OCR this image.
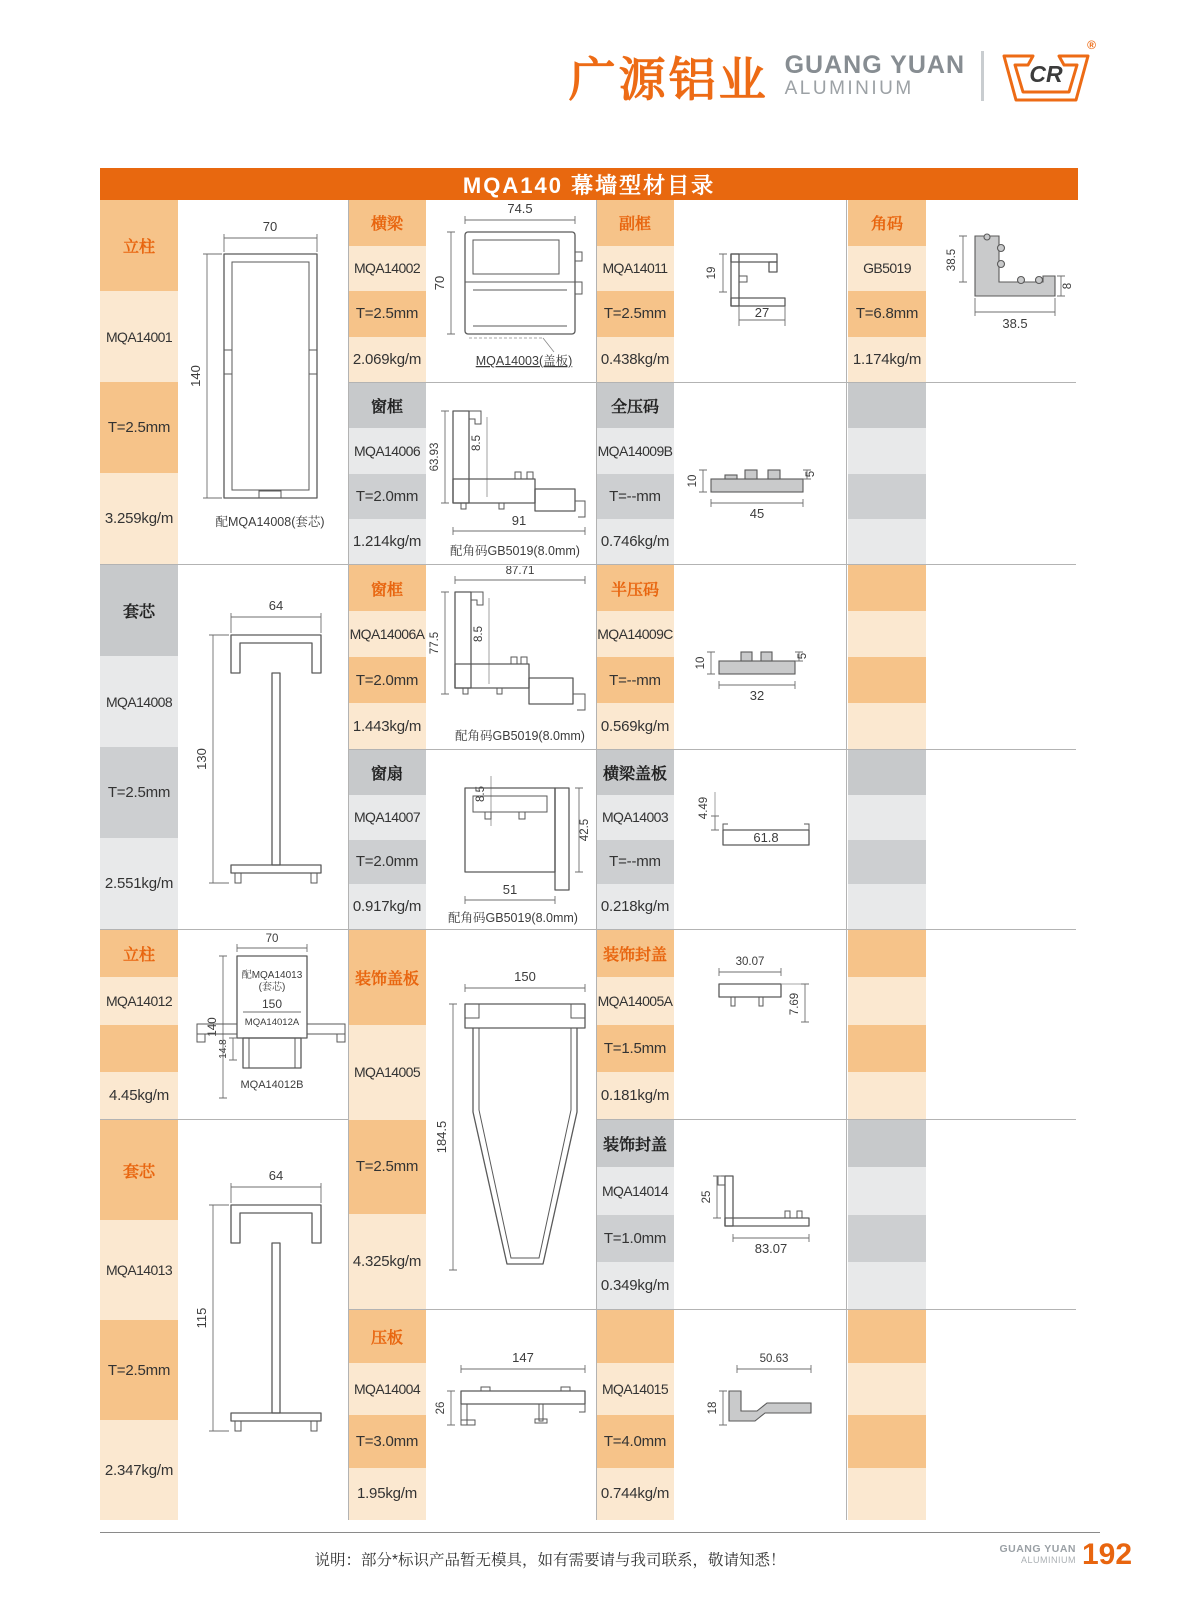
广源铝业 GUANG YUAN
ALUMINIUM
CR
®
MQA140 幕墙型材目录
立柱
MQA14001
T=2.5mm
3.259kg/m
70
140
配MQA14008(套芯)
横梁
MQA14002
T=2.5mm
2.069kg/m
74.5
70
MQA14003(盖板)
副框
MQA14011
T=2.5mm
0.438kg/m
19
27
角码
GB5019
T=6.8mm
1.174kg/m
38.5
38.5
8
窗框
MQA14006
T=2.0mm
1.214kg/m
63.93	8.5
91
配角码GB5019(8.0mm)
全压码
MQA14009B
T=--mm
0.746kg/m
10
45
5
套芯
MQA14008
T=2.5mm
2.551kg/m
64
130
窗框
MQA14006A
T=2.0mm
1.443kg/m
87.71
77.5	8.5
配角码GB5019(8.0mm)
半压码
MQA14009C
T=--mm
0.569kg/m
10
32
5
窗扇
MQA14007
T=2.0mm
0.917kg/m
8.5
42.5
51
配角码GB5019(8.0mm)
横梁盖板
MQA14003
T=--mm
0.218kg/m
4.49
61.8
立柱
MQA14012
4.45kg/m
70
140
配MQA14013
(套芯)
150
MQA14012A
14.8
MQA14012B
装饰盖板
MQA14005
T=2.5mm
4.325kg/m
150
184.5
装饰封盖
MQA14005A
T=1.5mm
0.181kg/m
30.07
7.69
套芯
MQA14013
T=2.5mm
2.347kg/m
64
115
装饰封盖
MQA14014
T=1.0mm
0.349kg/m
25
83.07
压板
MQA14004
T=3.0mm
1.95kg/m
147
26
MQA14015
T=4.0mm
0.744kg/m
50.63
18
说明：部分*标识产品暂无模具，如有需要请与我司联系，敬请知悉！
GUANG YUAN
ALUMINIUM 192
